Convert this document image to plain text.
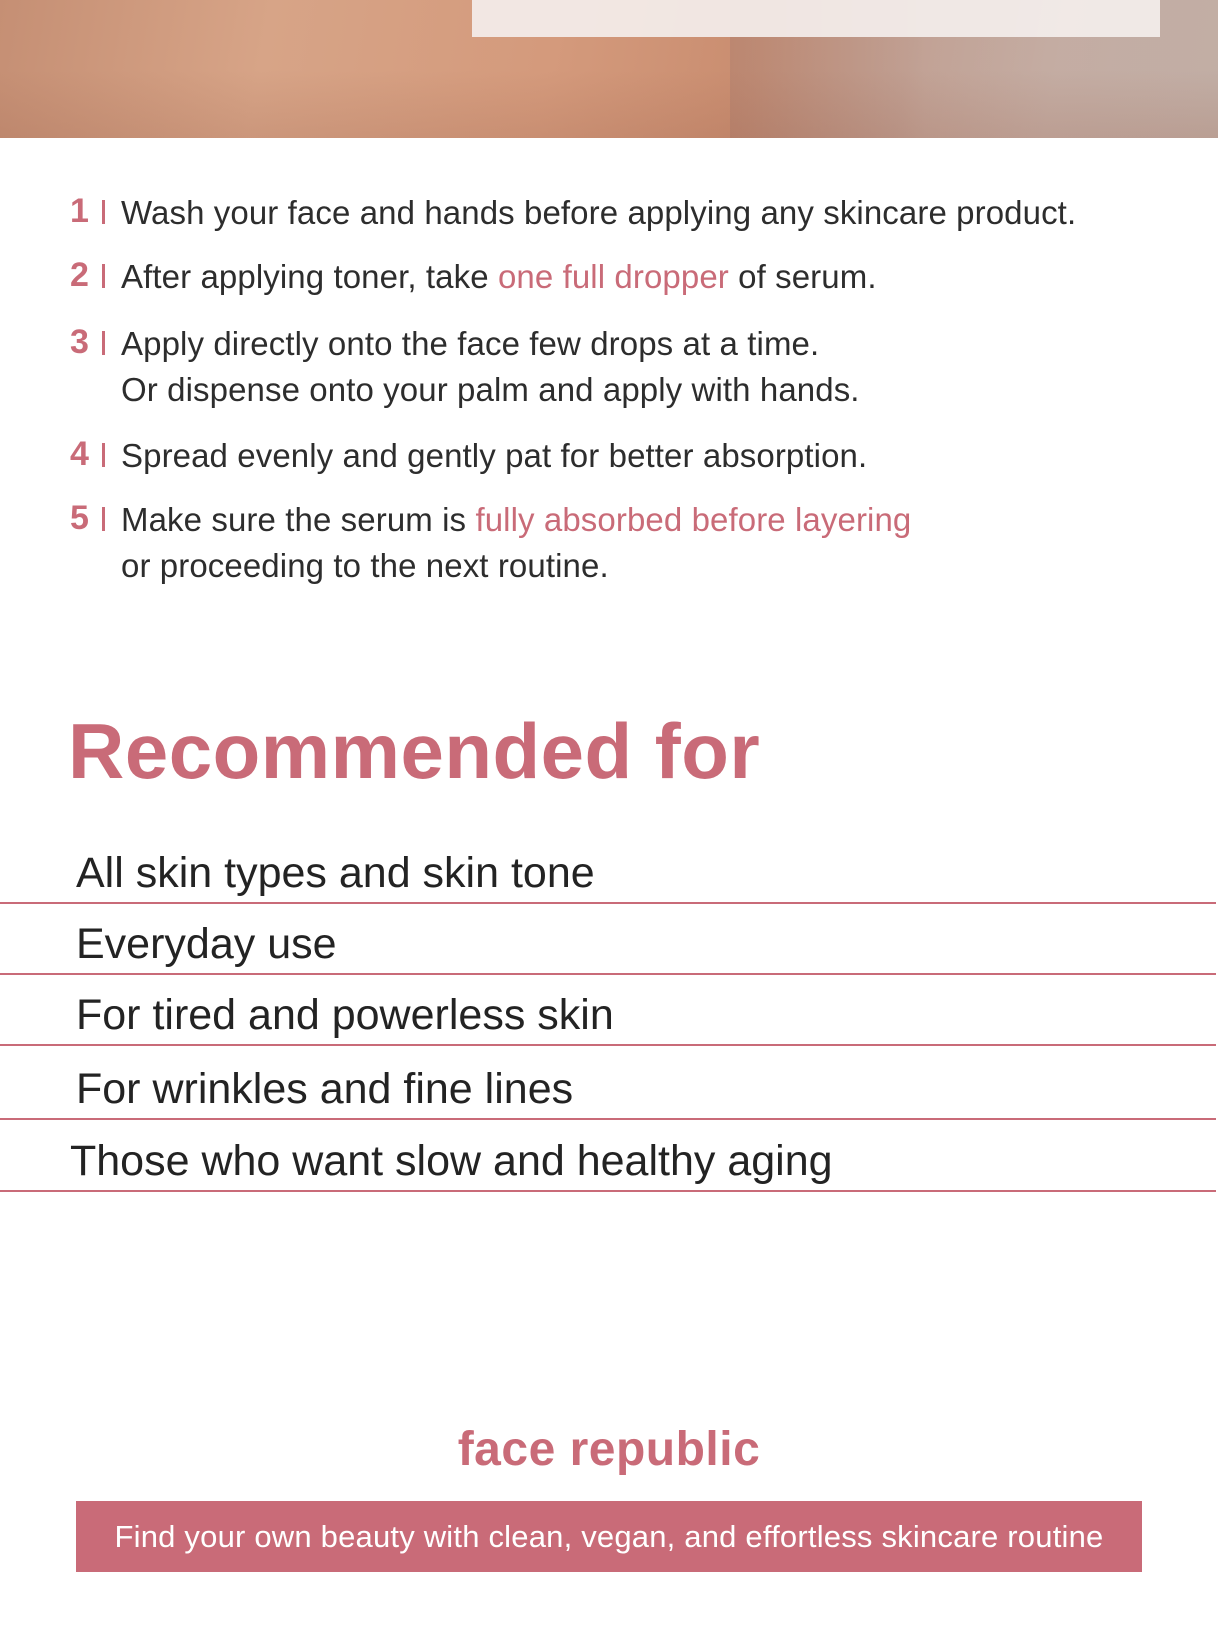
1 Wash your face and hands before applying any skincare product.
2 After applying toner, take one full dropper of serum.
3 Apply directly onto the face few drops at a time.
Or dispense onto your palm and apply with hands.
4 Spread evenly and gently pat for better absorption.
5 Make sure the serum is fully absorbed before layering
or proceeding to the next routine.
Recommended for
All skin types and skin tone
Everyday use
For tired and powerless skin
For wrinkles and fine lines
Those who want slow and healthy aging
face republic
Find your own beauty with clean, vegan, and effortless skincare routine
